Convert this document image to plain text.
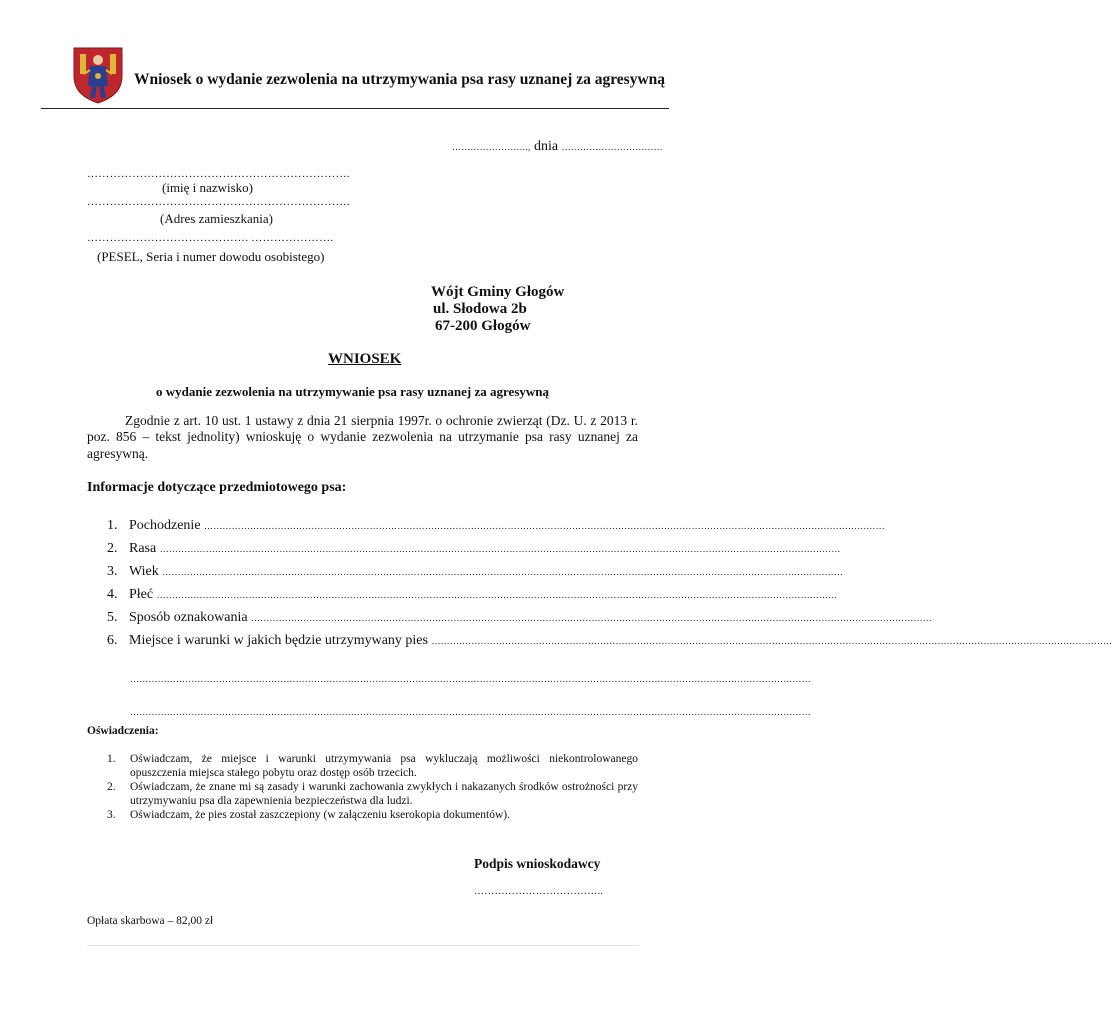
Wniosek o wydanie zezwolenia na utrzymywania psa rasy uznanej za agresywną
……………………., dnia ……………………………
…………………………………………………………….
(imię i nazwisko)
…………………………………………………………….
(Adres zamieszkania)
……………………………………. ………………….
(PESEL, Seria i numer dowodu osobistego)
Wójt Gminy Głogów
ul. Słodowa 2b
67-200 Głogów
WNIOSEK
o wydanie zezwolenia na utrzymywanie psa rasy uznanej za agresywną
Zgodnie z art. 10 ust. 1 ustawy z dnia 21 sierpnia 1997r. o ochronie zwierząt (Dz. U. z 2013 r. poz. 856 – tekst jednolity) wnioskuję o wydanie zezwolenia na utrzymanie psa rasy uznanej za agresywną.
Informacje dotyczące przedmiotowego psa:
1. Pochodzenie ……………………………………………………………………………………………………………………………………………………………………………………………………
2. Rasa ……………………………………………………………………………………………………………………………………………………………………………………………………
3. Wiek ……………………………………………………………………………………………………………………………………………………………………………………………………
4. Płeć ……………………………………………………………………………………………………………………………………………………………………………………………………
5. Sposób oznakowania ……………………………………………………………………………………………………………………………………………………………………………………………………
6. Miejsce i warunki w jakich będzie utrzymywany pies ……………………………………………………………………………………………………………………………………………………………………………………………………
……………………………………………………………………………………………………………………………………………………………………………………………………
……………………………………………………………………………………………………………………………………………………………………………………………………
Oświadczenia:
1. Oświadczam, że miejsce i warunki utrzymywania psa wykluczają możliwości niekontrolowanego opuszczenia miejsca stałego pobytu oraz dostęp osób trzecich.
2. Oświadczam, że znane mi są zasady i warunki zachowania zwykłych i nakazanych środków ostrożności przy utrzymywaniu psa dla zapewnienia bezpieczeństwa dla ludzi.
3. Oświadczam, że pies został zaszczepiony (w załączeniu kserokopia dokumentów).
Podpis wnioskodawcy
………………………………..
Opłata skarbowa – 82,00 zł
